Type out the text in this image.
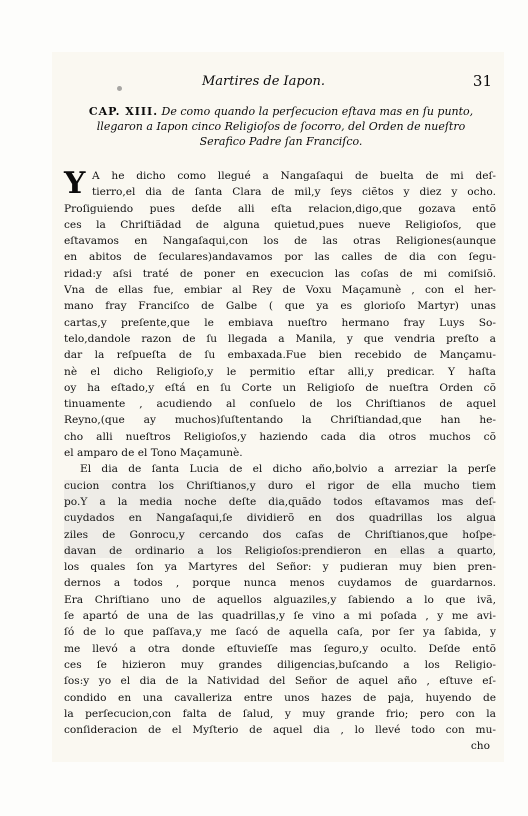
Martires de Iapon.	31
CAP. XIII. De como quando la perſecucion eſtava mas en ſu punto,
llegaron a Iapon cinco Religioſos de ſocorro, del Orden de nueſtro
Serafico Padre ſan Franciſco.
Y A he dicho como llegué a Nangaſaqui de buelta de mi deſ-
tierro,el dia de ſanta Clara de mil,y ſeys ciẽtos y diez y ocho.
Proſiguiendo pues deſde alli eſta relacion,digo,que gozava entõ
ces la Chriſtiãdad de alguna quietud,pues nueve Religioſos, que
eſtavamos en Nangaſaqui,con los de las otras Religiones(aunque
en abitos de ſeculares)andavamos por las calles de dia con ſegu-
ridad:y aſsi traté de poner en execucion las coſas de mi comiſsiõ.
Vna de ellas fue, embiar al Rey de Voxu Maçamunè , con el her-
mano fray Franciſco de Galbe ( que ya es glorioſo Martyr) unas
cartas,y preſente,que le embiava nueſtro hermano fray Luys So-
telo,dandole razon de ſu llegada a Manila, y que vendria preſto a
dar la reſpueſta de ſu embaxada.Fue bien recebido de Mançamu-
nè el dicho Religioſo,y le permitio eſtar alli,y predicar. Y haſta
oy ha eſtado,y eſtá en ſu Corte un Religioſo de nueſtra Orden cõ
tinuamente , acudiendo al conſuelo de los Chriſtianos de aquel
Reyno,(que ay muchos)ſuſtentando la Chriſtiandad,que han he-
cho alli nueſtros Religioſos,y haziendo cada dia otros muchos cõ
el amparo de el Tono Maçamunè.
El dia de ſanta Lucia de el dicho año,bolvio a arreziar la perſe
cucion contra los Chriſtianos,y duro el rigor de ella mucho tiem
po.Y a la media noche deſte dia,quãdo todos eſtavamos mas deſ-
cuydados en Nangaſaqui,ſe dividierõ en dos quadrillas los algua
ziles de Gonrocu,y cercando dos caſas de Chriſtianos,que hoſpe-
davan de ordinario a los Religioſos:prendieron en ellas a quarto,
los quales ſon ya Martyres del Señor: y pudieran muy bien pren-
dernos a todos , porque nunca menos cuydamos de guardarnos.
Era Chriſtiano uno de aquellos alguaziles,y ſabiendo a lo que ivã,
ſe apartó de una de las quadrillas,y ſe vino a mi poſada , y me avi-
ſó de lo que paſſava,y me ſacó de aquella caſa, por ſer ya ſabida, y
me llevó a otra donde eſtuvieſſe mas ſeguro,y oculto. Deſde entõ
ces ſe hizieron muy grandes diligencias,buſcando a los Religio-
ſos:y yo el dia de la Natividad del Señor de aquel año , eſtuve eſ-
condido en una cavalleriza entre unos hazes de paja, huyendo de
la perſecucion,con falta de ſalud, y muy grande frio; pero con la
conſideracion de el Myſterio de aquel dia , lo llevé todo con mu-
cho
